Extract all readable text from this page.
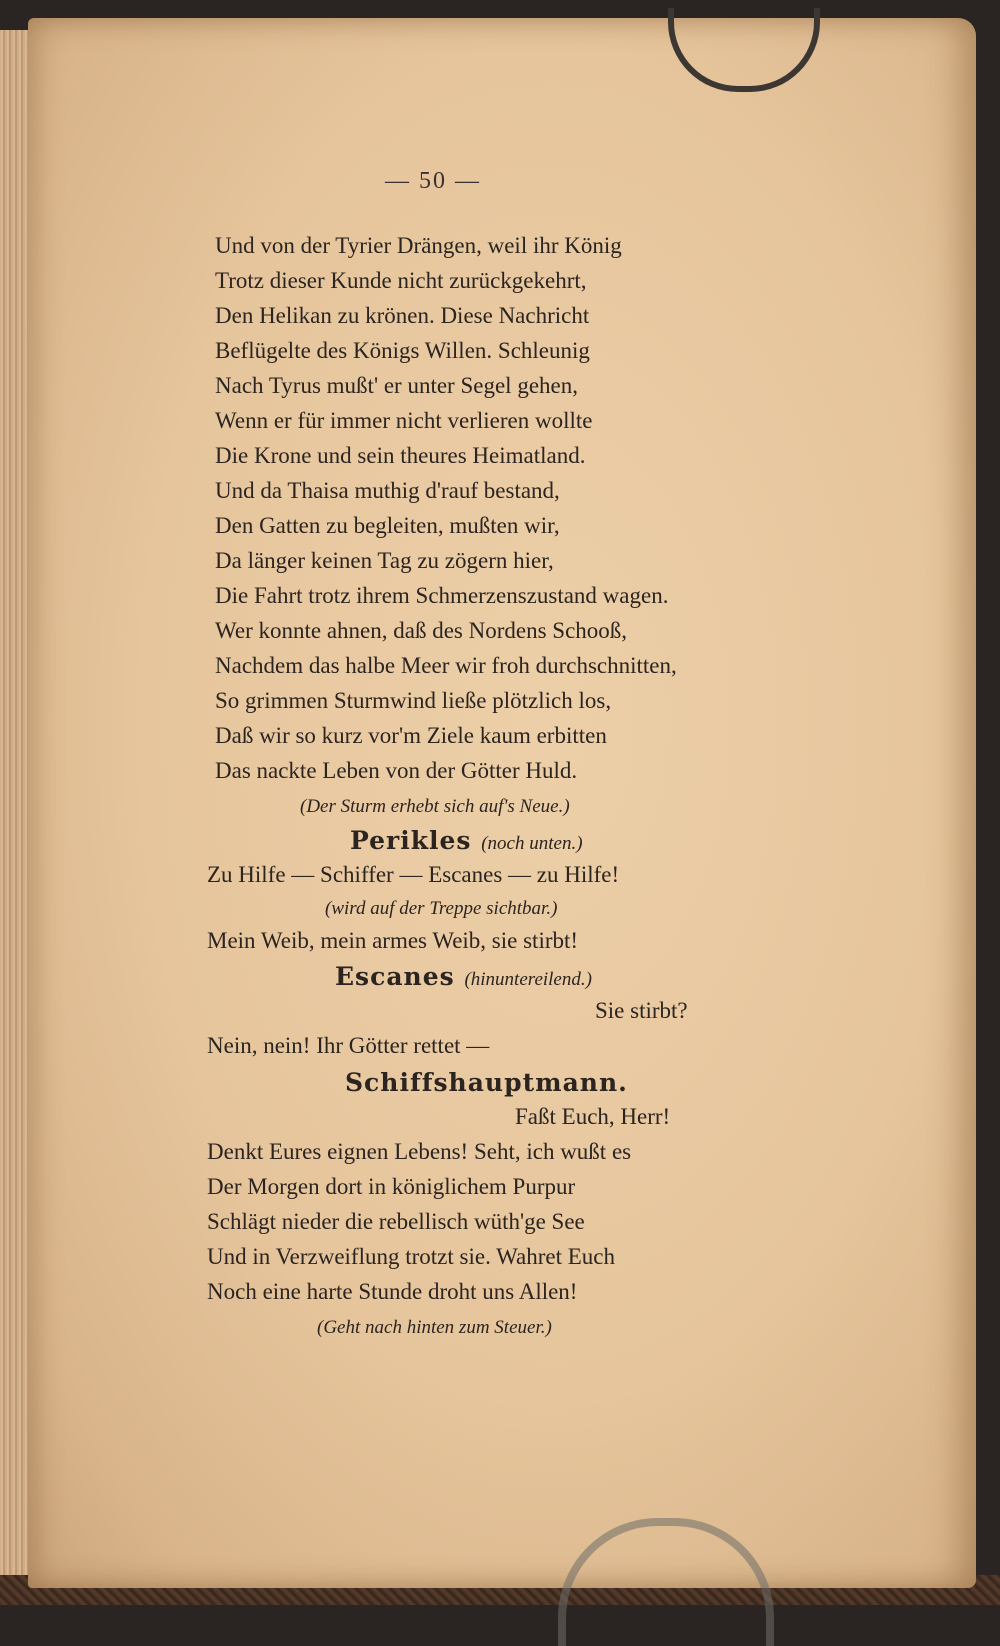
— 50 —
Und von der Tyrier Drängen, weil ihr König
Trotz dieser Kunde nicht zurückgekehrt,
Den Helikan zu krönen. Diese Nachricht
Beflügelte des Königs Willen. Schleunig
Nach Tyrus mußt' er unter Segel gehen,
Wenn er für immer nicht verlieren wollte
Die Krone und sein theures Heimatland.
Und da Thaisa muthig d'rauf bestand,
Den Gatten zu begleiten, mußten wir,
Da länger keinen Tag zu zögern hier,
Die Fahrt trotz ihrem Schmerzenszustand wagen.
Wer konnte ahnen, daß des Nordens Schooß,
Nachdem das halbe Meer wir froh durchschnitten,
So grimmen Sturmwind ließe plötzlich los,
Daß wir so kurz vor'm Ziele kaum erbitten
Das nackte Leben von der Götter Huld.
(Der Sturm erhebt sich auf's Neue.)
Perikles (noch unten.)
Zu Hilfe — Schiffer — Escanes — zu Hilfe!
(wird auf der Treppe sichtbar.)
Mein Weib, mein armes Weib, sie stirbt!
Escanes (hinuntereilend.)
Sie stirbt?
Nein, nein! Ihr Götter rettet —
Schiffshauptmann.
Faßt Euch, Herr!
Denkt Eures eignen Lebens! Seht, ich wußt es
Der Morgen dort in königlichem Purpur
Schlägt nieder die rebellisch wüth'ge See
Und in Verzweiflung trotzt sie. Wahret Euch
Noch eine harte Stunde droht uns Allen!
(Geht nach hinten zum Steuer.)
